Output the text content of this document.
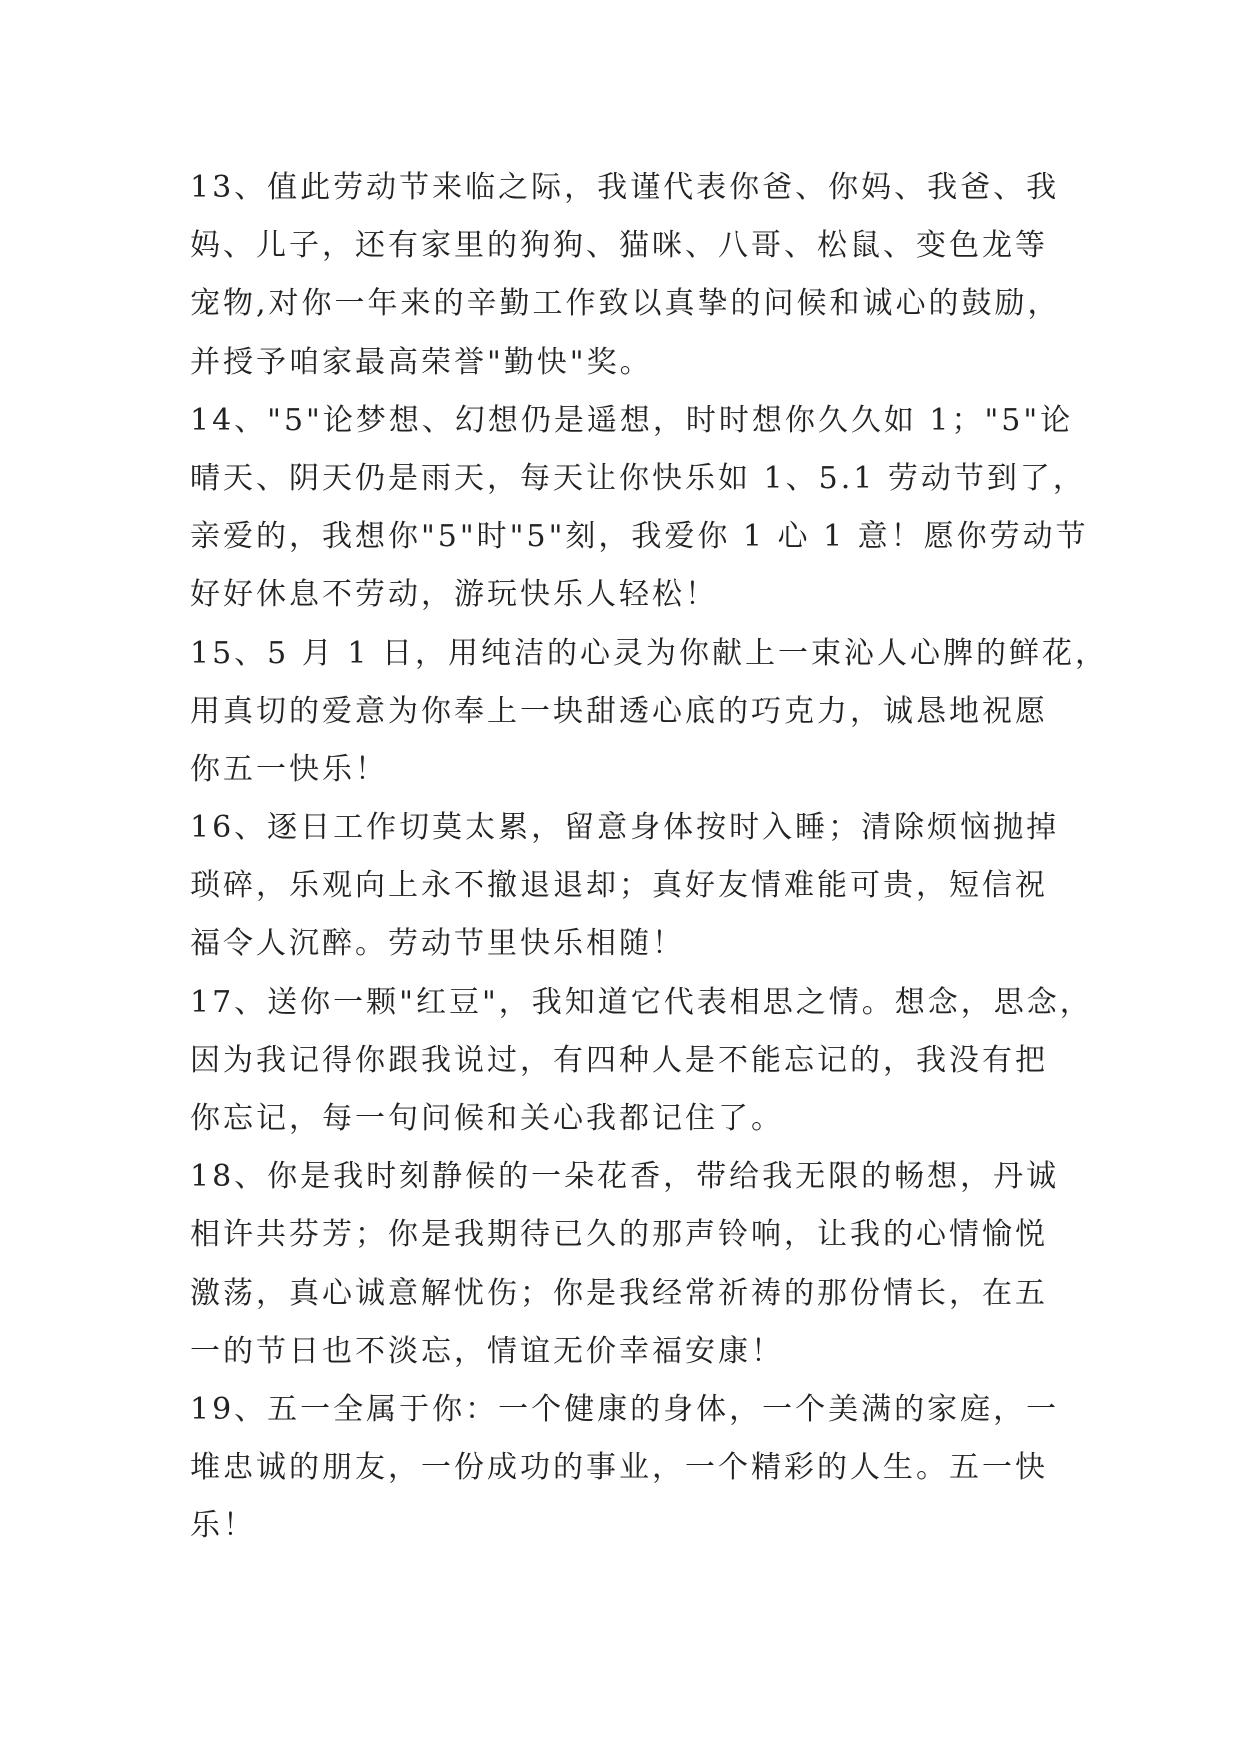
13、值此劳动节来临之际，我谨代表你爸、你妈、我爸、我
妈、儿子，还有家里的狗狗、猫咪、八哥、松鼠、变色龙等
宠物,对你一年来的辛勤工作致以真挚的问候和诚心的鼓励，
并授予咱家最高荣誉"勤快"奖。
14、"5"论梦想、幻想仍是遥想，时时想你久久如 1；"5"论
晴天、阴天仍是雨天，每天让你快乐如 1、5.1 劳动节到了，
亲爱的，我想你"5"时"5"刻，我爱你 1 心 1 意！愿你劳动节
好好休息不劳动，游玩快乐人轻松！
15、5 月 1 日，用纯洁的心灵为你献上一束沁人心脾的鲜花，
用真切的爱意为你奉上一块甜透心底的巧克力，诚恳地祝愿
你五一快乐！
16、逐日工作切莫太累，留意身体按时入睡；清除烦恼抛掉
琐碎，乐观向上永不撤退退却；真好友情难能可贵，短信祝
福令人沉醉。劳动节里快乐相随！
17、送你一颗"红豆"，我知道它代表相思之情。想念，思念，
因为我记得你跟我说过，有四种人是不能忘记的，我没有把
你忘记，每一句问候和关心我都记住了。
18、你是我时刻静候的一朵花香，带给我无限的畅想，丹诚
相许共芬芳；你是我期待已久的那声铃响，让我的心情愉悦
激荡，真心诚意解忧伤；你是我经常祈祷的那份情长，在五
一的节日也不淡忘，情谊无价幸福安康！
19、五一全属于你：一个健康的身体，一个美满的家庭，一
堆忠诚的朋友，一份成功的事业，一个精彩的人生。五一快
乐！
